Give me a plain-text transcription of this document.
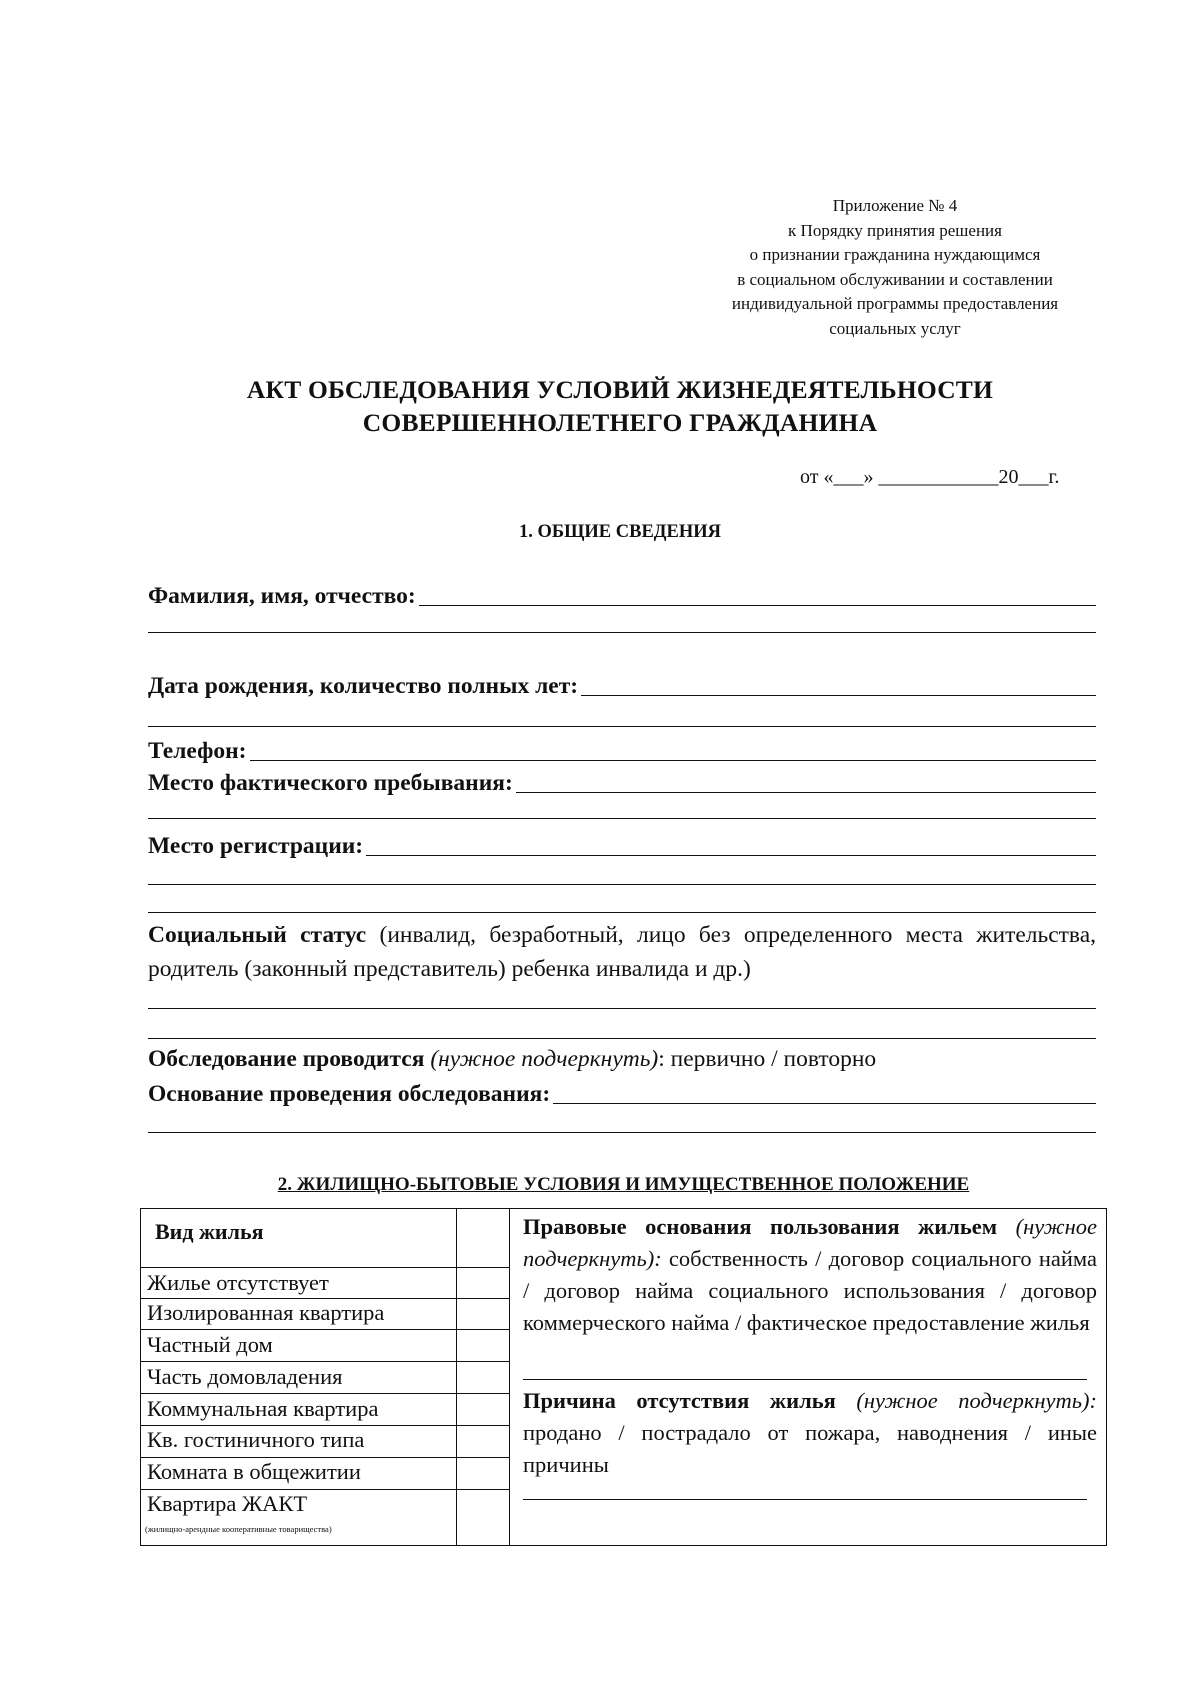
Приложение № 4
к Порядку принятия решения
о признании гражданина нуждающимся
в социальном обслуживании и составлении
индивидуальной программы предоставления
социальных услуг
АКТ ОБСЛЕДОВАНИЯ УСЛОВИЙ ЖИЗНЕДЕЯТЕЛЬНОСТИ
СОВЕРШЕННОЛЕТНЕГО ГРАЖДАНИНА
от «___» ____________20___г.
1. ОБЩИЕ СВЕДЕНИЯ
Фамилия, имя, отчество:
Дата рождения, количество полных лет:
Телефон:
Место фактического пребывания:
Место регистрации:
Социальный статус (инвалид, безработный, лицо без определенного места жительства, родитель (законный представитель) ребенка инвалида и др.)
Обследование проводится (нужное подчеркнуть): первично / повторно
Основание проведения обследования:
2. ЖИЛИЩНО-БЫТОВЫЕ УСЛОВИЯ И ИМУЩЕСТВЕННОЕ ПОЛОЖЕНИЕ
Вид жилья
Жилье отсутствует
Изолированная квартира
Частный дом
Часть домовладения
Коммунальная квартира
Кв. гостиничного типа
Комната в общежитии
Квартира ЖАКТ
(жилищно-арендные кооперативные товарищества)
Правовые основания пользования жильем (нужное подчеркнуть): собственность / договор социального найма / договор найма социального использования / договор коммерческого найма / фактическое предоставление жилья
Причина отсутствия жилья (нужное подчеркнуть): продано / пострадало от пожара, наводнения / иные причины
